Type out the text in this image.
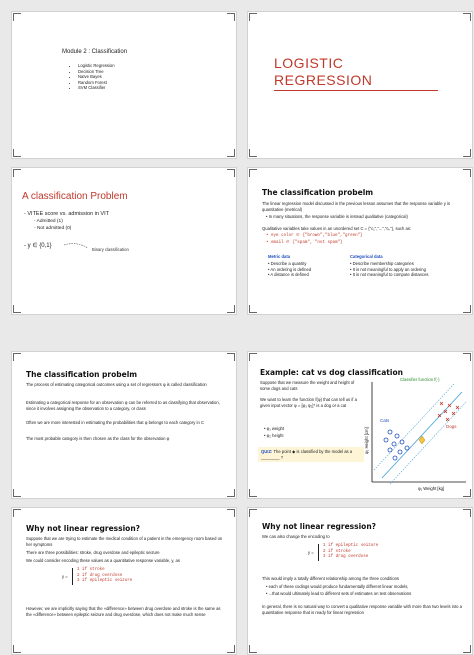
Module 2 : Classification
• Logistic Regression
• Decision Tree
• Naïve Bayes
• Random Forest
• SVM Classifier
LOGISTIC
REGRESSION
A classification Problem
- VITEE score vs. admission in VIT
- Admitted (1)
- Not admitted (0)
- y ∈ {0,1}
Binary classification
The classification probelm
The linear regression model discussed in the previous lesson assumes that the response variable y is quantitative (metrical)
• In many situations, the response variable is instead qualitative (categorical)
Qualitative variables take values in an unordered set C = {"c₁","...","cₖ"}, such as:
• eye color ∈ {"brown","blue","green"}
• email ∈ {"spam", "not spam"}
Metric data
• Describe a quantity
• An ordering is defined
• A distance is defined
Categorical data
• Describe membership categories
• It is not meaningful to apply an ordering
• It is not meaningful to compute distances
The classification probelm
The process of estimating categorical outcomes using a set of regressors φ is called classification
Estimating a categorical response for an observation φ can be referred to as classifying that observation, since it involves assigning the observation to a category, or class
Often we are more interested in estimating the probabilities that φ belongs to each category in C
The most probable category is then chosen as the class for the observation φ
Example: cat vs dog classification
Suppose that we measure the weight and height of some dogs and cats
We want to learn the function f(φ) that can tell us if a given input vector φ = [φ₁ φ₂]ᵀ is a dog or a cat
• φ₁ weight
• φ₂ height
QUIZ: The point ◆ is classified by the model as a ________ ?
Classifier function f(·)
Cats
Dogs
φ₁ Weight [kg]
φ₂ Height [cm]
Why not linear regression?
Suppose that we are trying to estimate the medical condition of a patient in the emergency room based on her symptoms
There are three possibilities: stroke, drug overdose and epileptic seizure
We could consider encoding these values as a quantitative response variable, y, as
y =
1 if stroke
2 if drug overdose
3 if epileptic seizure
However, we are implicitly saying that the «difference» between drug overdose and stroke is the same as the «difference» between epileptic seizure and drug overdose, which does not make much sense
Why not linear regression?
We can also change the encoding to
y =
1 if epileptic seizure
2 if stroke
3 if drug overdose
This would imply a totally different relationship among the three conditions
• each of these codings would produce fundamentally different linear models,
• ...that would ultimately lead to different sets of estimates on test observations
In general, there is no natural way to convert a qualitative response variable with more than two levels into a quantitative response that is ready for linear regression
